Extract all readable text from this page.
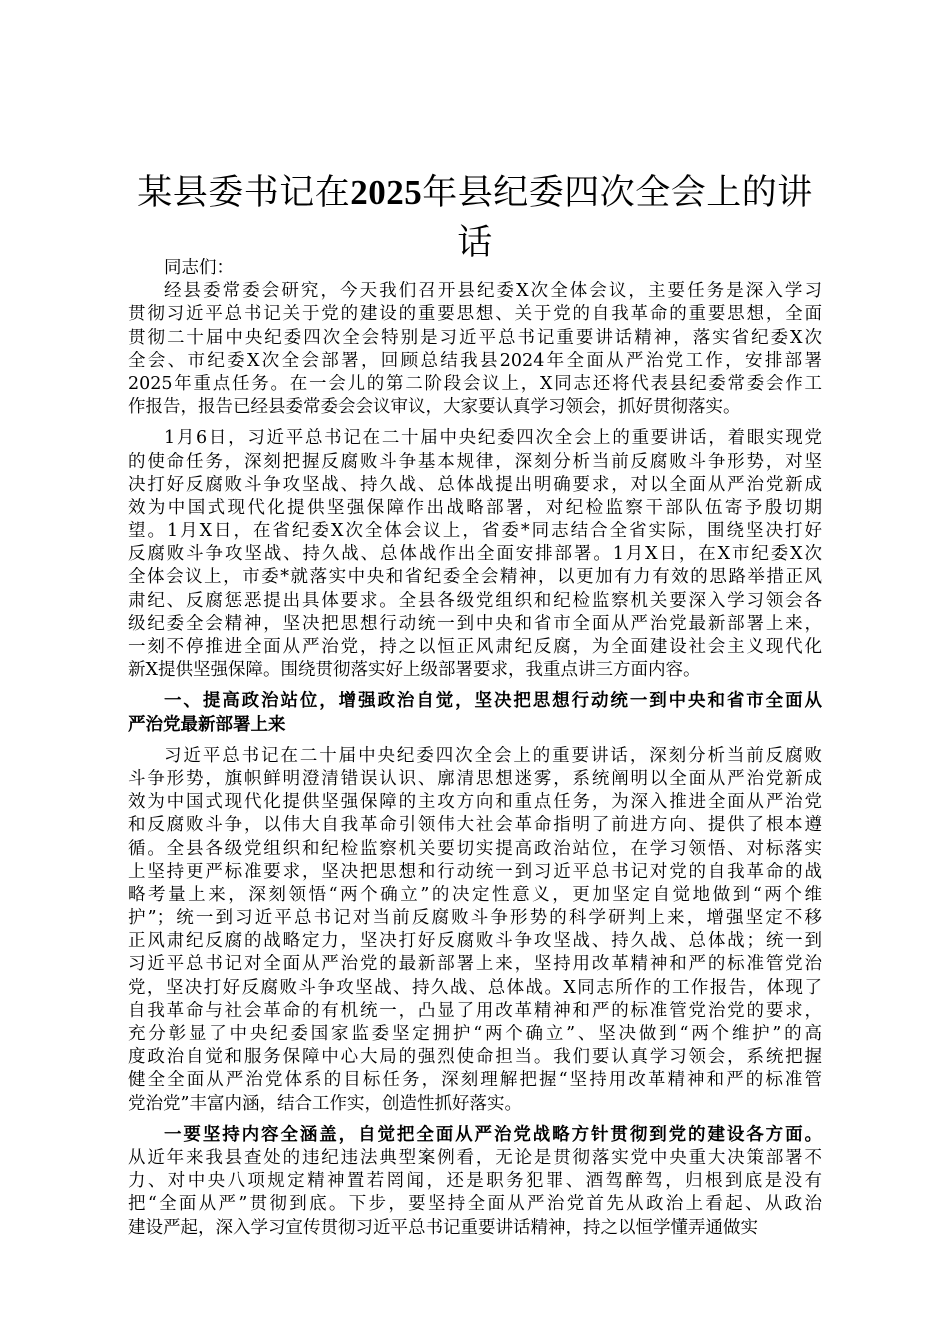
某县委书记在2025年县纪委四次全会上的讲
话
同志们：
经县委常委会研究，今天我们召开县纪委X次全体会议，主要任务是深入学习
贯彻习近平总书记关于党的建设的重要思想、关于党的自我革命的重要思想，全面
贯彻二十届中央纪委四次全会特别是习近平总书记重要讲话精神，落实省纪委X次
全会、市纪委X次全会部署，回顾总结我县2024年全面从严治党工作，安排部署
2025年重点任务。在一会儿的第二阶段会议上，X同志还将代表县纪委常委会作工
作报告，报告已经县委常委会会议审议，大家要认真学习领会，抓好贯彻落实。
1月6日，习近平总书记在二十届中央纪委四次全会上的重要讲话，着眼实现党
的使命任务，深刻把握反腐败斗争基本规律，深刻分析当前反腐败斗争形势，对坚
决打好反腐败斗争攻坚战、持久战、总体战提出明确要求，对以全面从严治党新成
效为中国式现代化提供坚强保障作出战略部署，对纪检监察干部队伍寄予殷切期
望。1月X日，在省纪委X次全体会议上，省委*同志结合全省实际，围绕坚决打好
反腐败斗争攻坚战、持久战、总体战作出全面安排部署。1月X日，在X市纪委X次
全体会议上，市委*就落实中央和省纪委全会精神，以更加有力有效的思路举措正风
肃纪、反腐惩恶提出具体要求。全县各级党组织和纪检监察机关要深入学习领会各
级纪委全会精神，坚决把思想行动统一到中央和省市全面从严治党最新部署上来，
一刻不停推进全面从严治党，持之以恒正风肃纪反腐，为全面建设社会主义现代化
新X提供坚强保障。围绕贯彻落实好上级部署要求，我重点讲三方面内容。
一、提高政治站位，增强政治自觉，坚决把思想行动统一到中央和省市全面从
严治党最新部署上来
习近平总书记在二十届中央纪委四次全会上的重要讲话，深刻分析当前反腐败
斗争形势，旗帜鲜明澄清错误认识、廓清思想迷雾，系统阐明以全面从严治党新成
效为中国式现代化提供坚强保障的主攻方向和重点任务，为深入推进全面从严治党
和反腐败斗争，以伟大自我革命引领伟大社会革命指明了前进方向、提供了根本遵
循。全县各级党组织和纪检监察机关要切实提高政治站位，在学习领悟、对标落实
上坚持更严标准要求，坚决把思想和行动统一到习近平总书记对党的自我革命的战
略考量上来，深刻领悟“两个确立”的决定性意义，更加坚定自觉地做到“两个维
护”；统一到习近平总书记对当前反腐败斗争形势的科学研判上来，增强坚定不移
正风肃纪反腐的战略定力，坚决打好反腐败斗争攻坚战、持久战、总体战；统一到
习近平总书记对全面从严治党的最新部署上来，坚持用改革精神和严的标准管党治
党，坚决打好反腐败斗争攻坚战、持久战、总体战。X同志所作的工作报告，体现了
自我革命与社会革命的有机统一，凸显了用改革精神和严的标准管党治党的要求，
充分彰显了中央纪委国家监委坚定拥护“两个确立”、坚决做到“两个维护”的高
度政治自觉和服务保障中心大局的强烈使命担当。我们要认真学习领会，系统把握
健全全面从严治党体系的目标任务，深刻理解把握“坚持用改革精神和严的标准管
党治党”丰富内涵，结合工作实，创造性抓好落实。
一要坚持内容全涵盖，自觉把全面从严治党战略方针贯彻到党的建设各方面。
从近年来我县查处的违纪违法典型案例看，无论是贯彻落实党中央重大决策部署不
力、对中央八项规定精神置若罔闻，还是职务犯罪、酒驾醉驾，归根到底是没有
把“全面从严”贯彻到底。下步，要坚持全面从严治党首先从政治上看起、从政治
建设严起，深入学习宣传贯彻习近平总书记重要讲话精神，持之以恒学懂弄通做实
